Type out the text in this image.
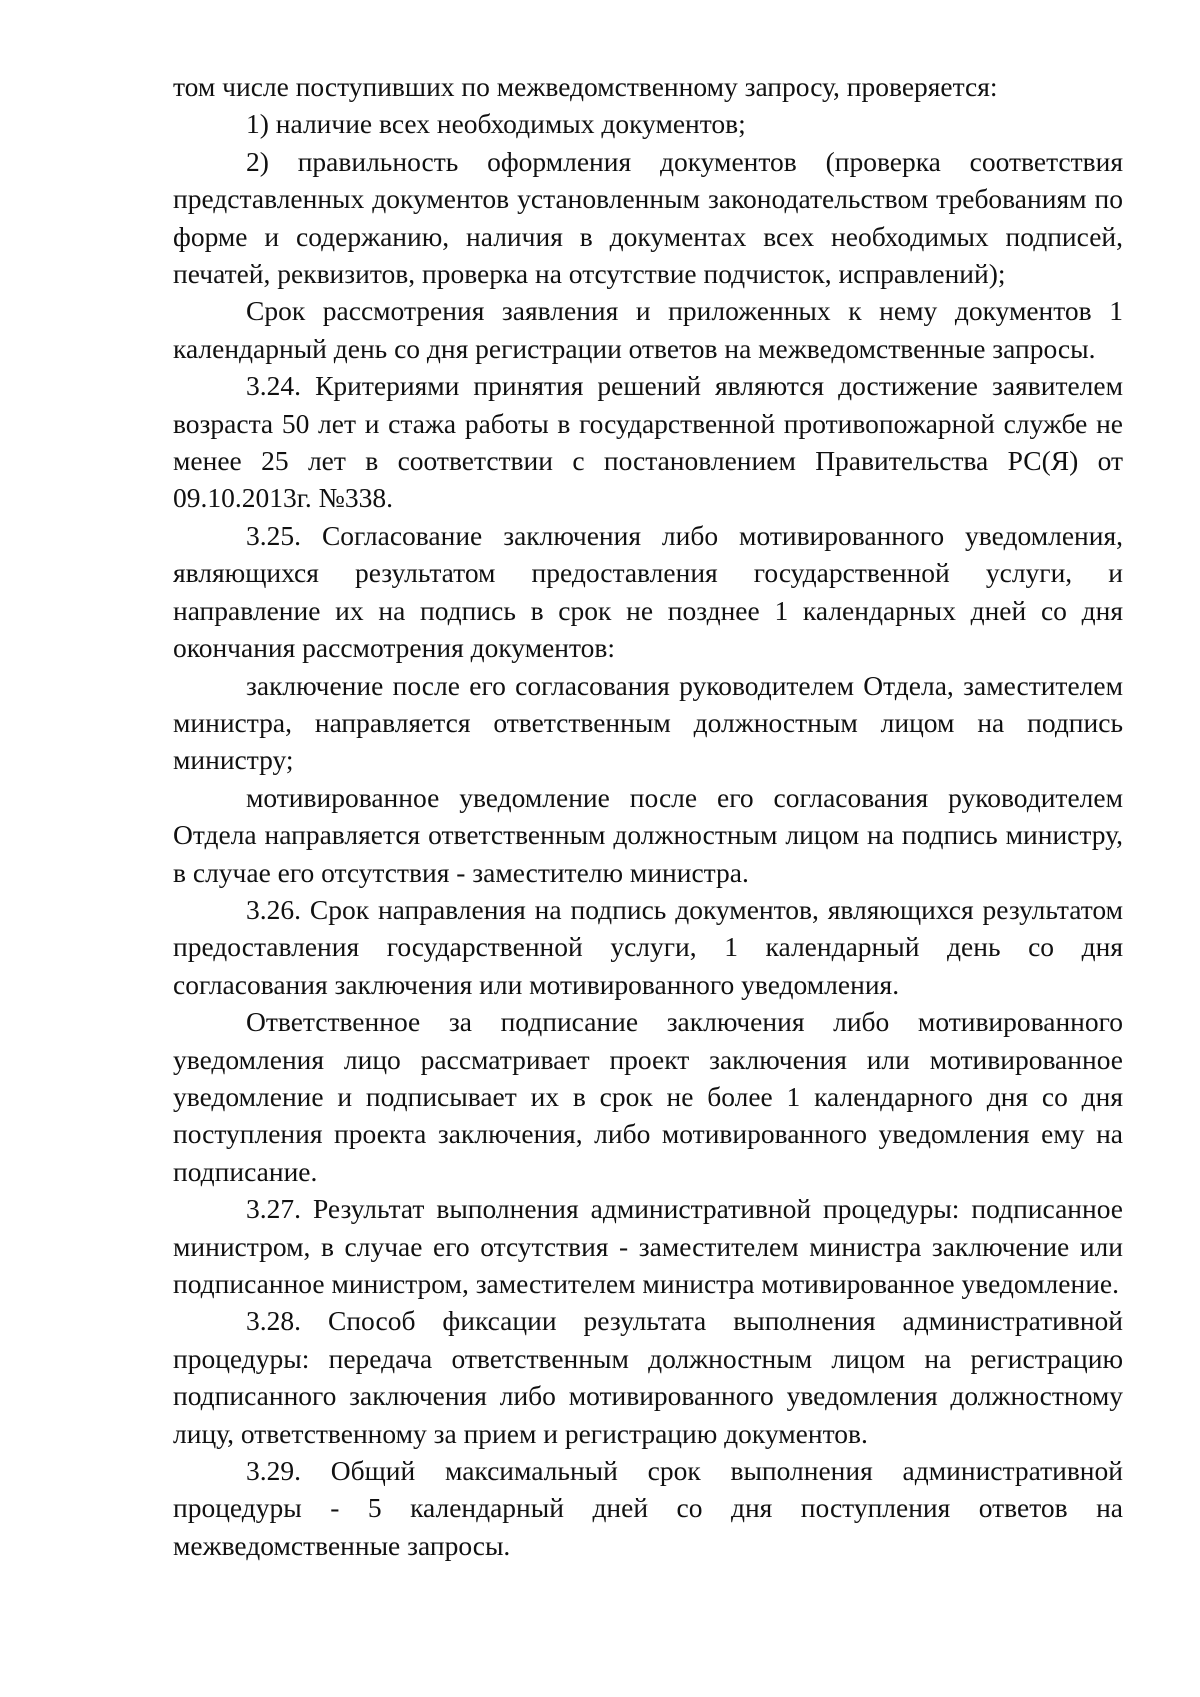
том числе поступивших по межведомственному запросу, проверяется:

1) наличие всех необходимых документов;

2) правильность оформления документов (проверка соответствия представленных документов установленным законодательством требованиям по форме и содержанию, наличия в документах всех необходимых подписей, печатей, реквизитов, проверка на отсутствие подчисток, исправлений);

Срок рассмотрения заявления и приложенных к нему документов 1 календарный день со дня регистрации ответов на межведомственные запросы.

3.24. Критериями принятия решений являются достижение заявителем возраста 50 лет и стажа работы в государственной противопожарной службе не менее 25 лет в соответствии с постановлением Правительства РС(Я) от 09.10.2013г. №338.

3.25. Согласование заключения либо мотивированного уведомления, являющихся результатом предоставления государственной услуги, и направление их на подпись в срок не позднее 1 календарных дней со дня окончания рассмотрения документов:

заключение после его согласования руководителем Отдела, заместителем министра, направляется ответственным должностным лицом на подпись министру;

мотивированное уведомление после его согласования руководителем Отдела направляется ответственным должностным лицом на подпись министру, в случае его отсутствия - заместителю министра.

3.26. Срок направления на подпись документов, являющихся результатом предоставления государственной услуги, 1 календарный день со дня согласования заключения или мотивированного уведомления.

Ответственное за подписание заключения либо мотивированного уведомления лицо рассматривает проект заключения или мотивированное уведомление и подписывает их в срок не более 1 календарного дня со дня поступления проекта заключения, либо мотивированного уведомления ему на подписание.

3.27. Результат выполнения административной процедуры: подписанное министром, в случае его отсутствия - заместителем министра заключение или подписанное министром, заместителем министра мотивированное уведомление.

3.28. Способ фиксации результата выполнения административной процедуры: передача ответственным должностным лицом на регистрацию подписанного заключения либо мотивированного уведомления должностному лицу, ответственному за прием и регистрацию документов.

3.29. Общий максимальный срок выполнения административной процедуры - 5 календарный дней со дня поступления ответов на межведомственные запросы.
